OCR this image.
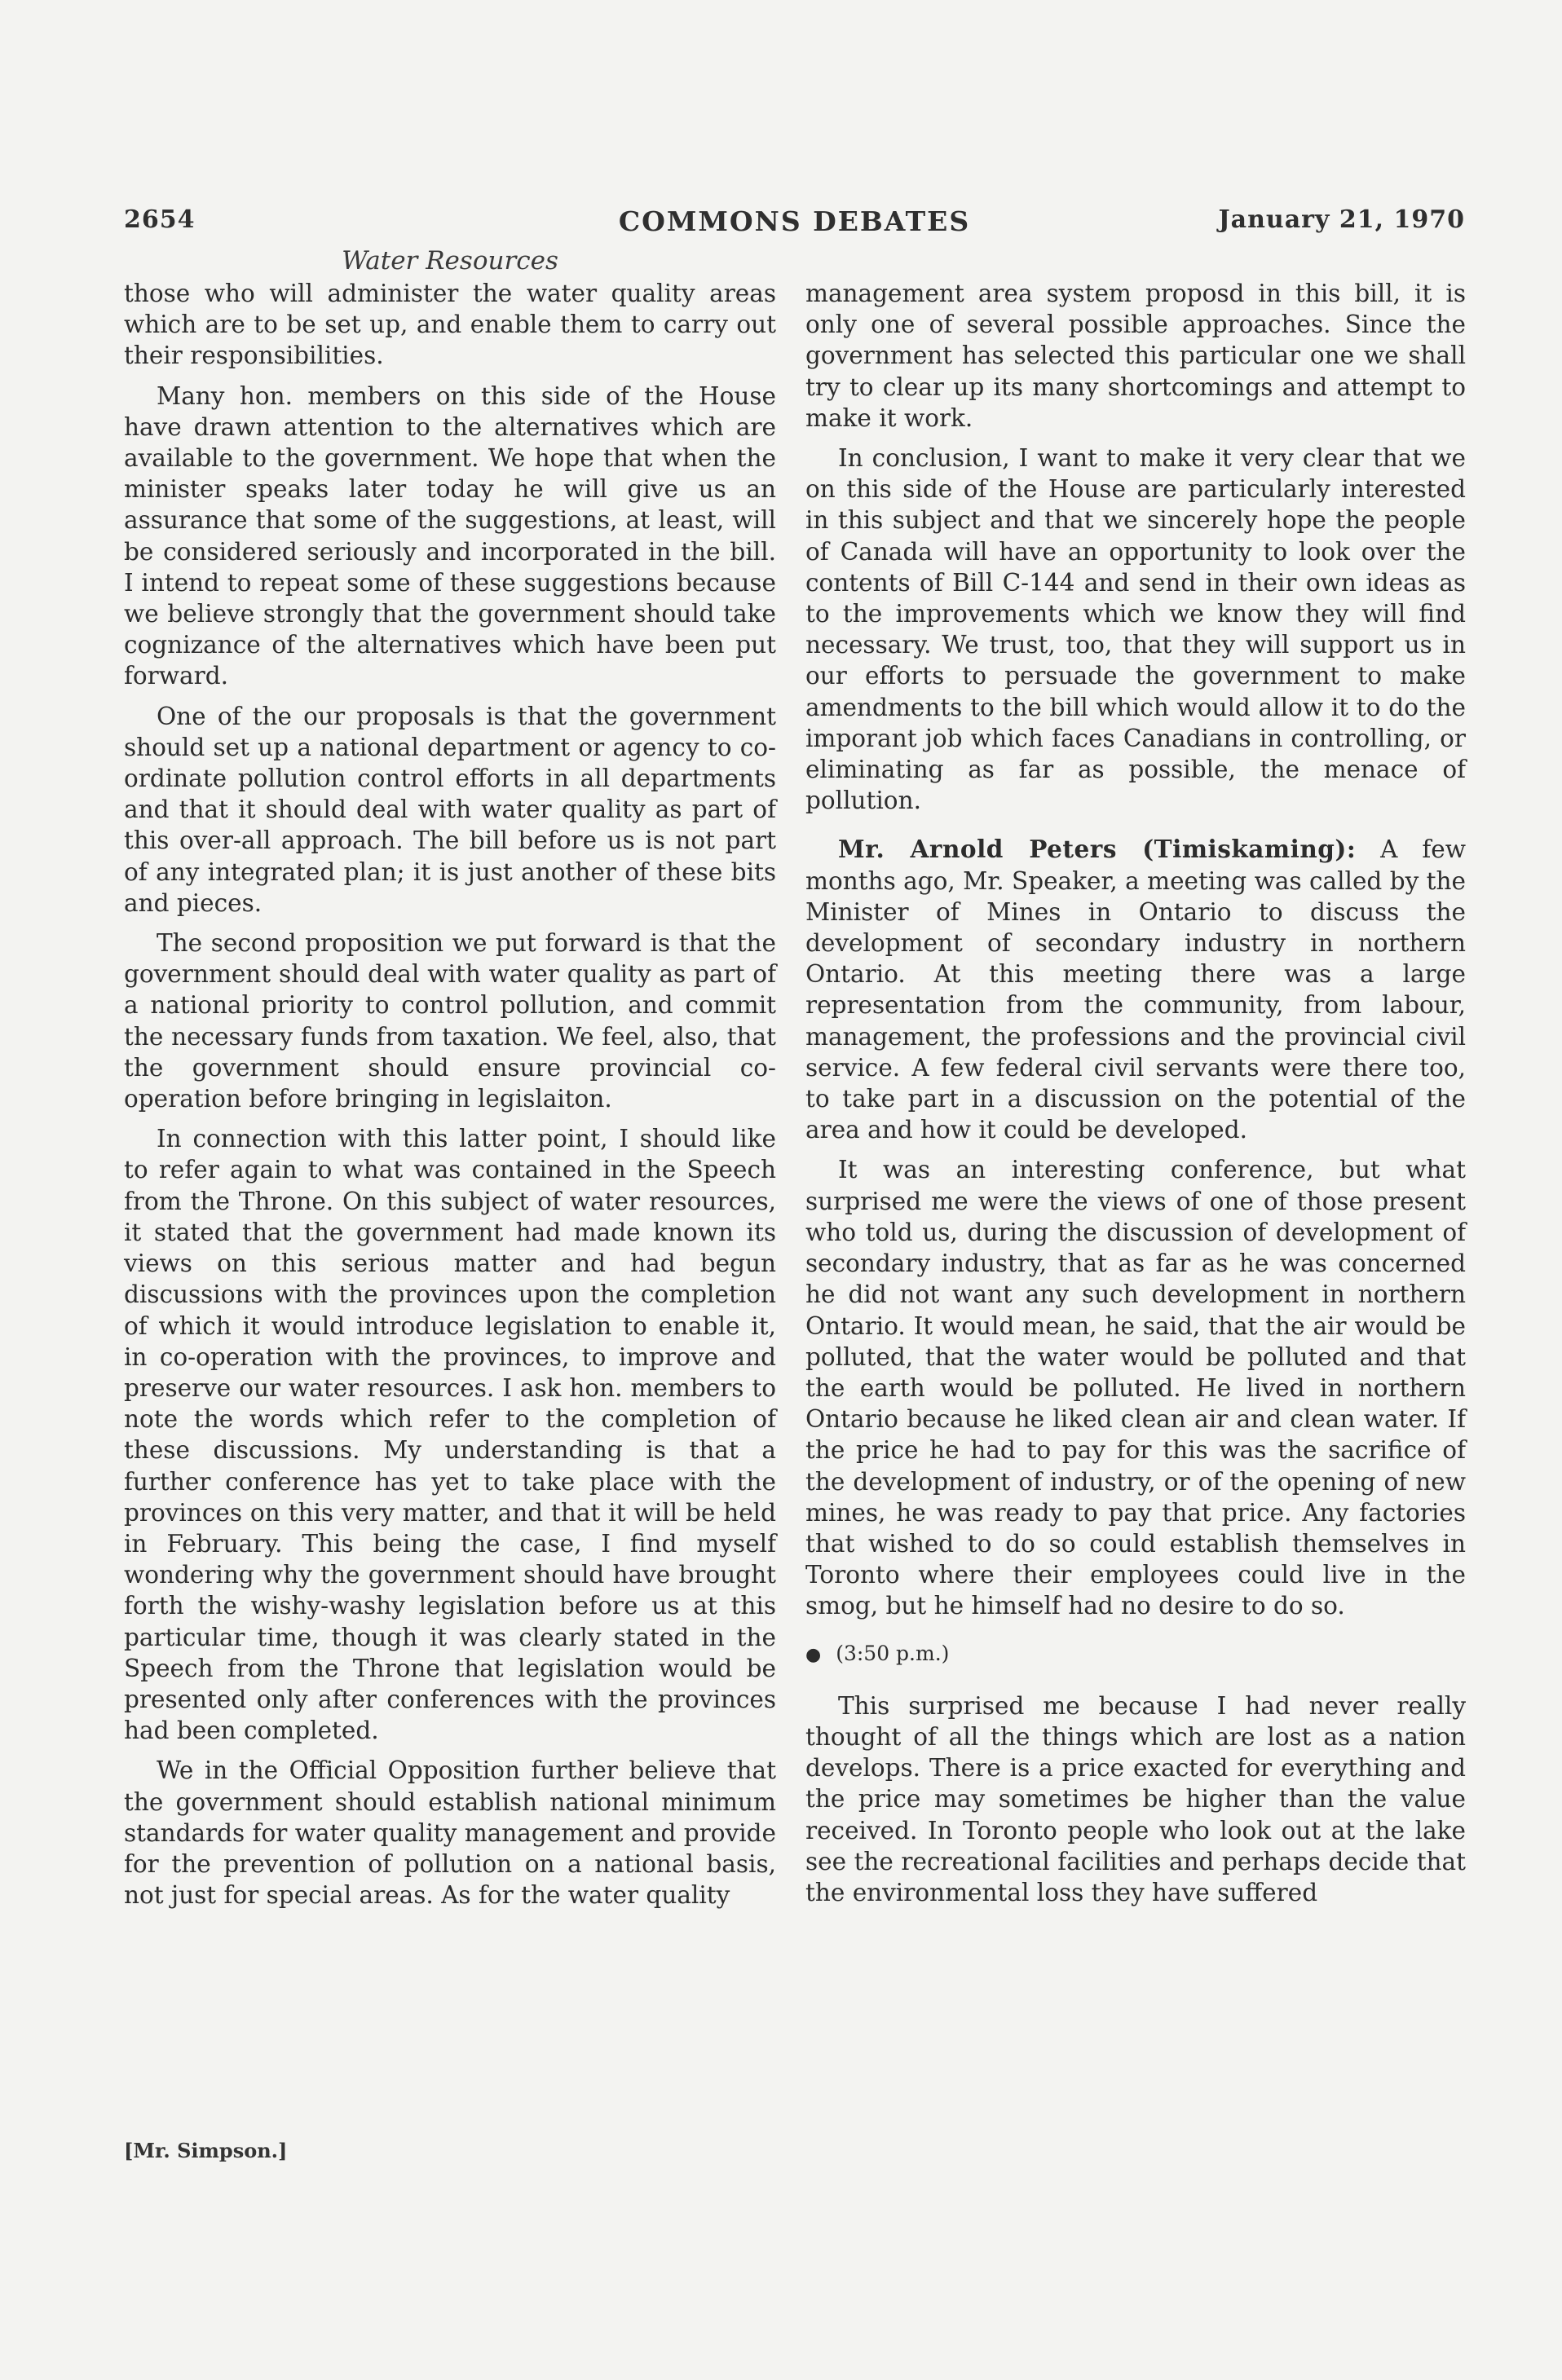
2654	COMMONS DEBATES	January 21, 1970
Water Resources

those who will administer the water quality areas which are to be set up, and enable them to carry out their responsibilities.

Many hon. members on this side of the House have drawn attention to the alternatives which are available to the government. We hope that when the minister speaks later today he will give us an assurance that some of the suggestions, at least, will be considered seriously and incorporated in the bill. I intend to repeat some of these suggestions because we believe strongly that the government should take cognizance of the alternatives which have been put forward.

One of the our proposals is that the government should set up a national department or agency to co-ordinate pollution control efforts in all departments and that it should deal with water quality as part of this over-all approach. The bill before us is not part of any integrated plan; it is just another of these bits and pieces.

The second proposition we put forward is that the government should deal with water quality as part of a national priority to control pollution, and commit the necessary funds from taxation. We feel, also, that the government should ensure provincial co-operation before bringing in legislaiton.

In connection with this latter point, I should like to refer again to what was contained in the Speech from the Throne. On this subject of water resources, it stated that the government had made known its views on this serious matter and had begun discussions with the provinces upon the completion of which it would introduce legislation to enable it, in co-operation with the provinces, to improve and preserve our water resources. I ask hon. members to note the words which refer to the completion of these discussions. My understanding is that a further conference has yet to take place with the provinces on this very matter, and that it will be held in February. This being the case, I find myself wondering why the government should have brought forth the wishy-washy legislation before us at this particular time, though it was clearly stated in the Speech from the Throne that legislation would be presented only after conferences with the provinces had been completed.

We in the Official Opposition further believe that the government should establish national minimum standards for water quality management and provide for the prevention of pollution on a national basis, not just for special areas. As for the water quality

management area system proposd in this bill, it is only one of several possible approaches. Since the government has selected this particular one we shall try to clear up its many shortcomings and attempt to make it work.

In conclusion, I want to make it very clear that we on this side of the House are particularly interested in this subject and that we sincerely hope the people of Canada will have an opportunity to look over the contents of Bill C-144 and send in their own ideas as to the improvements which we know they will find necessary. We trust, too, that they will support us in our efforts to persuade the government to make amendments to the bill which would allow it to do the imporant job which faces Canadians in controlling, or eliminating as far as possible, the menace of pollution.

Mr. Arnold Peters (Timiskaming): A few months ago, Mr. Speaker, a meeting was called by the Minister of Mines in Ontario to discuss the development of secondary industry in northern Ontario. At this meeting there was a large representation from the community, from labour, management, the professions and the provincial civil service. A few federal civil servants were there too, to take part in a discussion on the potential of the area and how it could be developed.

It was an interesting conference, but what surprised me were the views of one of those present who told us, during the discussion of development of secondary industry, that as far as he was concerned he did not want any such development in northern Ontario. It would mean, he said, that the air would be polluted, that the water would be polluted and that the earth would be polluted. He lived in northern Ontario because he liked clean air and clean water. If the price he had to pay for this was the sacrifice of the development of industry, or of the opening of new mines, he was ready to pay that price. Any factories that wished to do so could establish themselves in Toronto where their employees could live in the smog, but he himself had no desire to do so.

● (3:50 p.m.)

This surprised me because I had never really thought of all the things which are lost as a nation develops. There is a price exacted for everything and the price may sometimes be higher than the value received. In Toronto people who look out at the lake see the recreational facilities and perhaps decide that the environmental loss they have suffered

[Mr. Simpson.]
